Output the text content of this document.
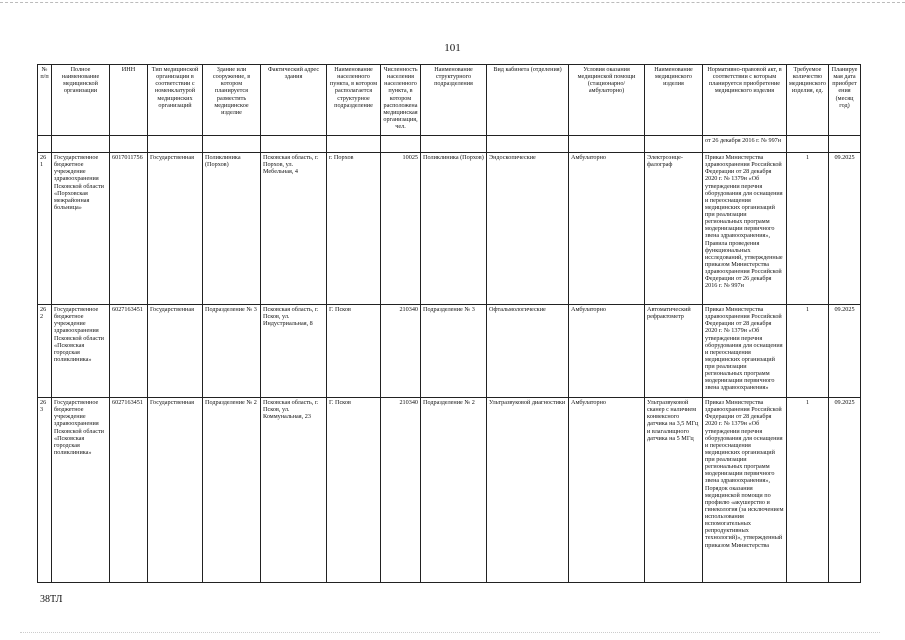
101
№ п/п	Полное наименование медицинской организации	ИНН	Тип медицинской организации в соответствии с номенклатурой медицинских организаций	Здание или сооружение, в котором планируется разместить медицинское изделие	Фактический адрес здания	Наименование населенного пункта, в котором располагается структурное подразделение	Численность населения населенного пункта, в котором расположена медицинская организация, чел.	Наименование структурного подразделения	Вид кабинета (отделения)	Условия оказания медицинской помощи (стационарно/ амбулаторно)	Наименование медицинского изделия	Нормативно-правовой акт, в соответствии с которым планируется приобретение медицинского изделия	Требуемое количество медицинского изделия, ед.	Планируемая дата приобретения (месяц год)
												от 26 декабря 2016 г. № 997н		
261	Государственное бюджетное учреждение здравоохранения Псковской области «Порховская межрайонная больница»	6017011756	Государственная	Поликлиника (Порхов)	Псковская область, г. Порхов, ул. Мебельная, 4	г. Порхов	10025	Поликлиника (Порхов)	Эндоскопические	Амбулаторно	Электроэнце-фалограф	Приказ Министерства здравоохранения Российской Федерации от 28 декабря 2020 г. № 1379н «Об утверждении перечня оборудования для оснащения и переоснащения медицинских организаций при реализации региональных программ модернизации первичного звена здравоохранения», Правила проведения функциональных исследований, утвержденные приказом Министерства здравоохранения Российской Федерации от 26 декабря 2016 г. № 997н	1	09.2025
262	Государственное бюджетное учреждение здравоохранения Псковской области «Псковская городская поликлиника»	6027163451	Государственная	Подразделение № 3	Псковская область, г. Псков, ул. Индустриальная, 8	Г. Псков	210340	Подразделение № 3	Офтальмологические	Амбулаторно	Автоматический рефрактометр	Приказ Министерства здравоохранения Российской Федерации от 28 декабря 2020 г. № 1379н «Об утверждении перечня оборудования для оснащения и переоснащения медицинских организаций при реализации региональных программ модернизации первичного звена здравоохранения»	1	09.2025
263	Государственное бюджетное учреждение здравоохранения Псковской области «Псковская городская поликлиника»	6027163451	Государственная	Подразделение № 2	Псковская область, г. Псков, ул. Коммунальная, 23	Г. Псков	210340	Подразделение № 2	Ультразвуковой диагностики	Амбулаторно	Ультразвуковой сканер с наличием конвексного датчика на 3,5 МГц и влагалищного датчика на 5 МГц	Приказ Министерства здравоохранения Российской Федерации от 28 декабря 2020 г. № 1379н «Об утверждении перечня оборудования для оснащения и переоснащения медицинских организаций при реализации региональных программ модернизации первичного звена здравоохранения», Порядок оказания медицинской помощи по профилю «акушерство и гинекология (за исключением использования вспомогательных репродуктивных технологий)», утвержденный приказом Министерства	1	09.2025
38ТЛ
